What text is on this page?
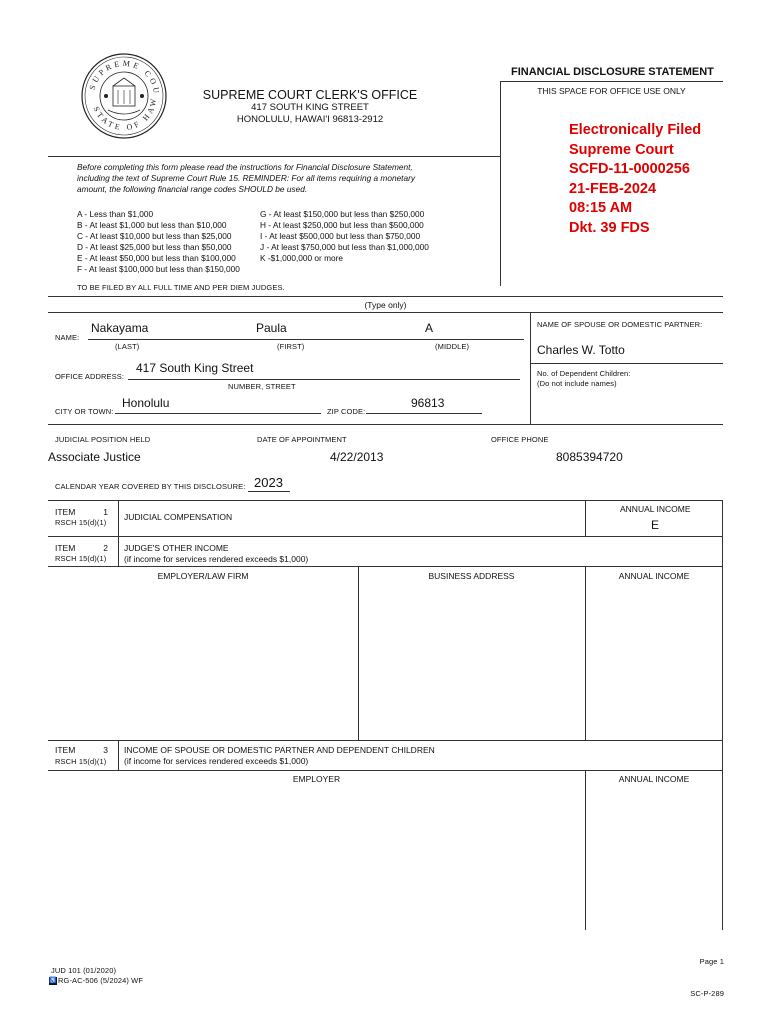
SUPREME COU
STATE OF HAW	SUPREME COURT CLERK'S OFFICE
417 SOUTH KING STREET
HONOLULU, HAWAI'I 96813-2912
FINANCIAL DISCLOSURE STATEMENT
THIS SPACE FOR OFFICE USE ONLY
Electronically Filed
Supreme Court
SCFD-11-0000256
21-FEB-2024
08:15 AM
Dkt. 39 FDS
Before completing this form please read the instructions for Financial Disclosure Statement,
including the text of Supreme Court Rule 15. REMINDER: For all items requiring a monetary
amount, the following financial range codes SHOULD be used.
A - Less than $1,000
B - At least $1,000 but less than $10,000
C - At least $10,000 but less than $25,000
D - At least $25,000 but less than $50,000
E - At least $50,000 but less than $100,000
F - At least $100,000 but less than $150,000
G - At least $150,000 but less than $250,000
H - At least $250,000 but less than $500,000
I - At least $500,000 but less than $750,000
J - At least $750,000 but less than $1,000,000
K -$1,000,000 or more
TO BE FILED BY ALL FULL TIME AND PER DIEM JUDGES.
(Type only)
NAME:
Nakayama	Paula	A
(LAST)	(FIRST)	(MIDDLE)
NAME OF SPOUSE OR DOMESTIC PARTNER:
Charles W. Totto
No. of Dependent Children:
(Do not include names)
OFFICE ADDRESS:
417 South King Street
NUMBER, STREET
CITY OR TOWN:
Honolulu
ZIP CODE:
96813
JUDICIAL POSITION HELD	DATE OF APPOINTMENT	OFFICE PHONE
Associate Justice	4/22/2013	8085394720
CALENDAR YEAR COVERED BY THIS DISCLOSURE: 2023
ITEM	1
RSCH 15(d)(1)
JUDICIAL COMPENSATION
ANNUAL INCOME
E
ITEM	2
RSCH 15(d)(1)
JUDGE'S OTHER INCOME
(if income for services rendered exceeds $1,000)
EMPLOYER/LAW FIRM	BUSINESS ADDRESS	ANNUAL INCOME
ITEM	3
RSCH 15(d)(1)
INCOME OF SPOUSE OR DOMESTIC PARTNER AND DEPENDENT CHILDREN
(if income for services rendered exceeds $1,000)
EMPLOYER	ANNUAL INCOME
JUD 101 (01/2020)
♿ RG-AC-506 (5/2024) WF
Page 1
SC-P-289
